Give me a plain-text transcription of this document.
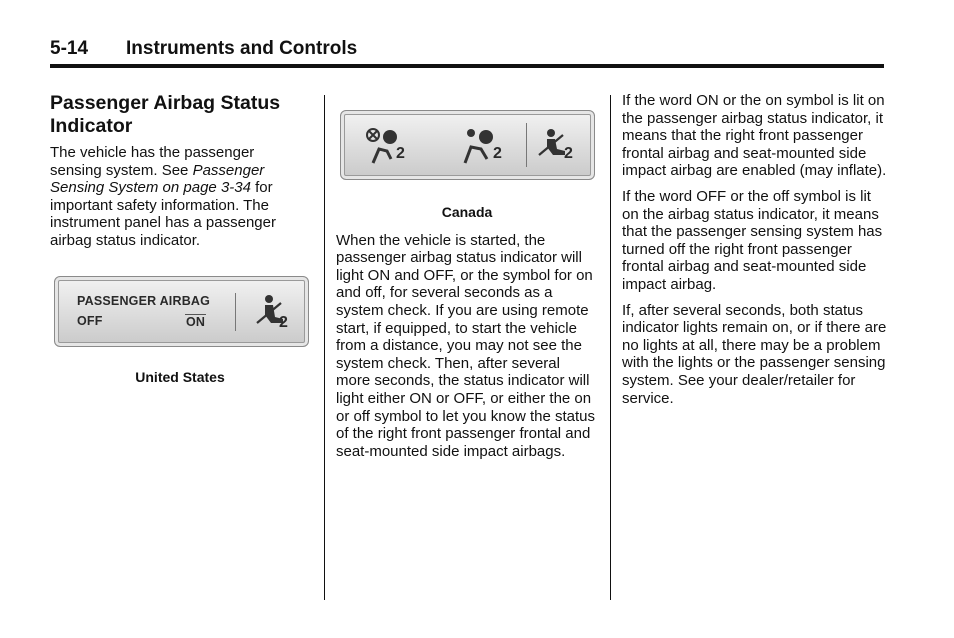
5-14 Instruments and Controls
Passenger Airbag Status Indicator

The vehicle has the passenger sensing system. See Passenger Sensing System on page 3-34 for important safety information. The instrument panel has a passenger airbag status indicator.

PASSENGER AIRBAG
OFF	ON	2
United States
2	2	2
Canada

When the vehicle is started, the passenger airbag status indicator will light ON and OFF, or the symbol for on and off, for several seconds as a system check. If you are using remote start, if equipped, to start the vehicle from a distance, you may not see the system check. Then, after several more seconds, the status indicator will light either ON or OFF, or either the on or off symbol to let you know the status of the right front passenger frontal and seat-mounted side impact airbags.

If the word ON or the on symbol is lit on the passenger airbag status indicator, it means that the right front passenger frontal airbag and seat-mounted side impact airbag are enabled (may inflate).

If the word OFF or the off symbol is lit on the airbag status indicator, it means that the passenger sensing system has turned off the right front passenger frontal airbag and seat-mounted side impact airbag.

If, after several seconds, both status indicator lights remain on, or if there are no lights at all, there may be a problem with the lights or the passenger sensing system. See your dealer/retailer for service.
